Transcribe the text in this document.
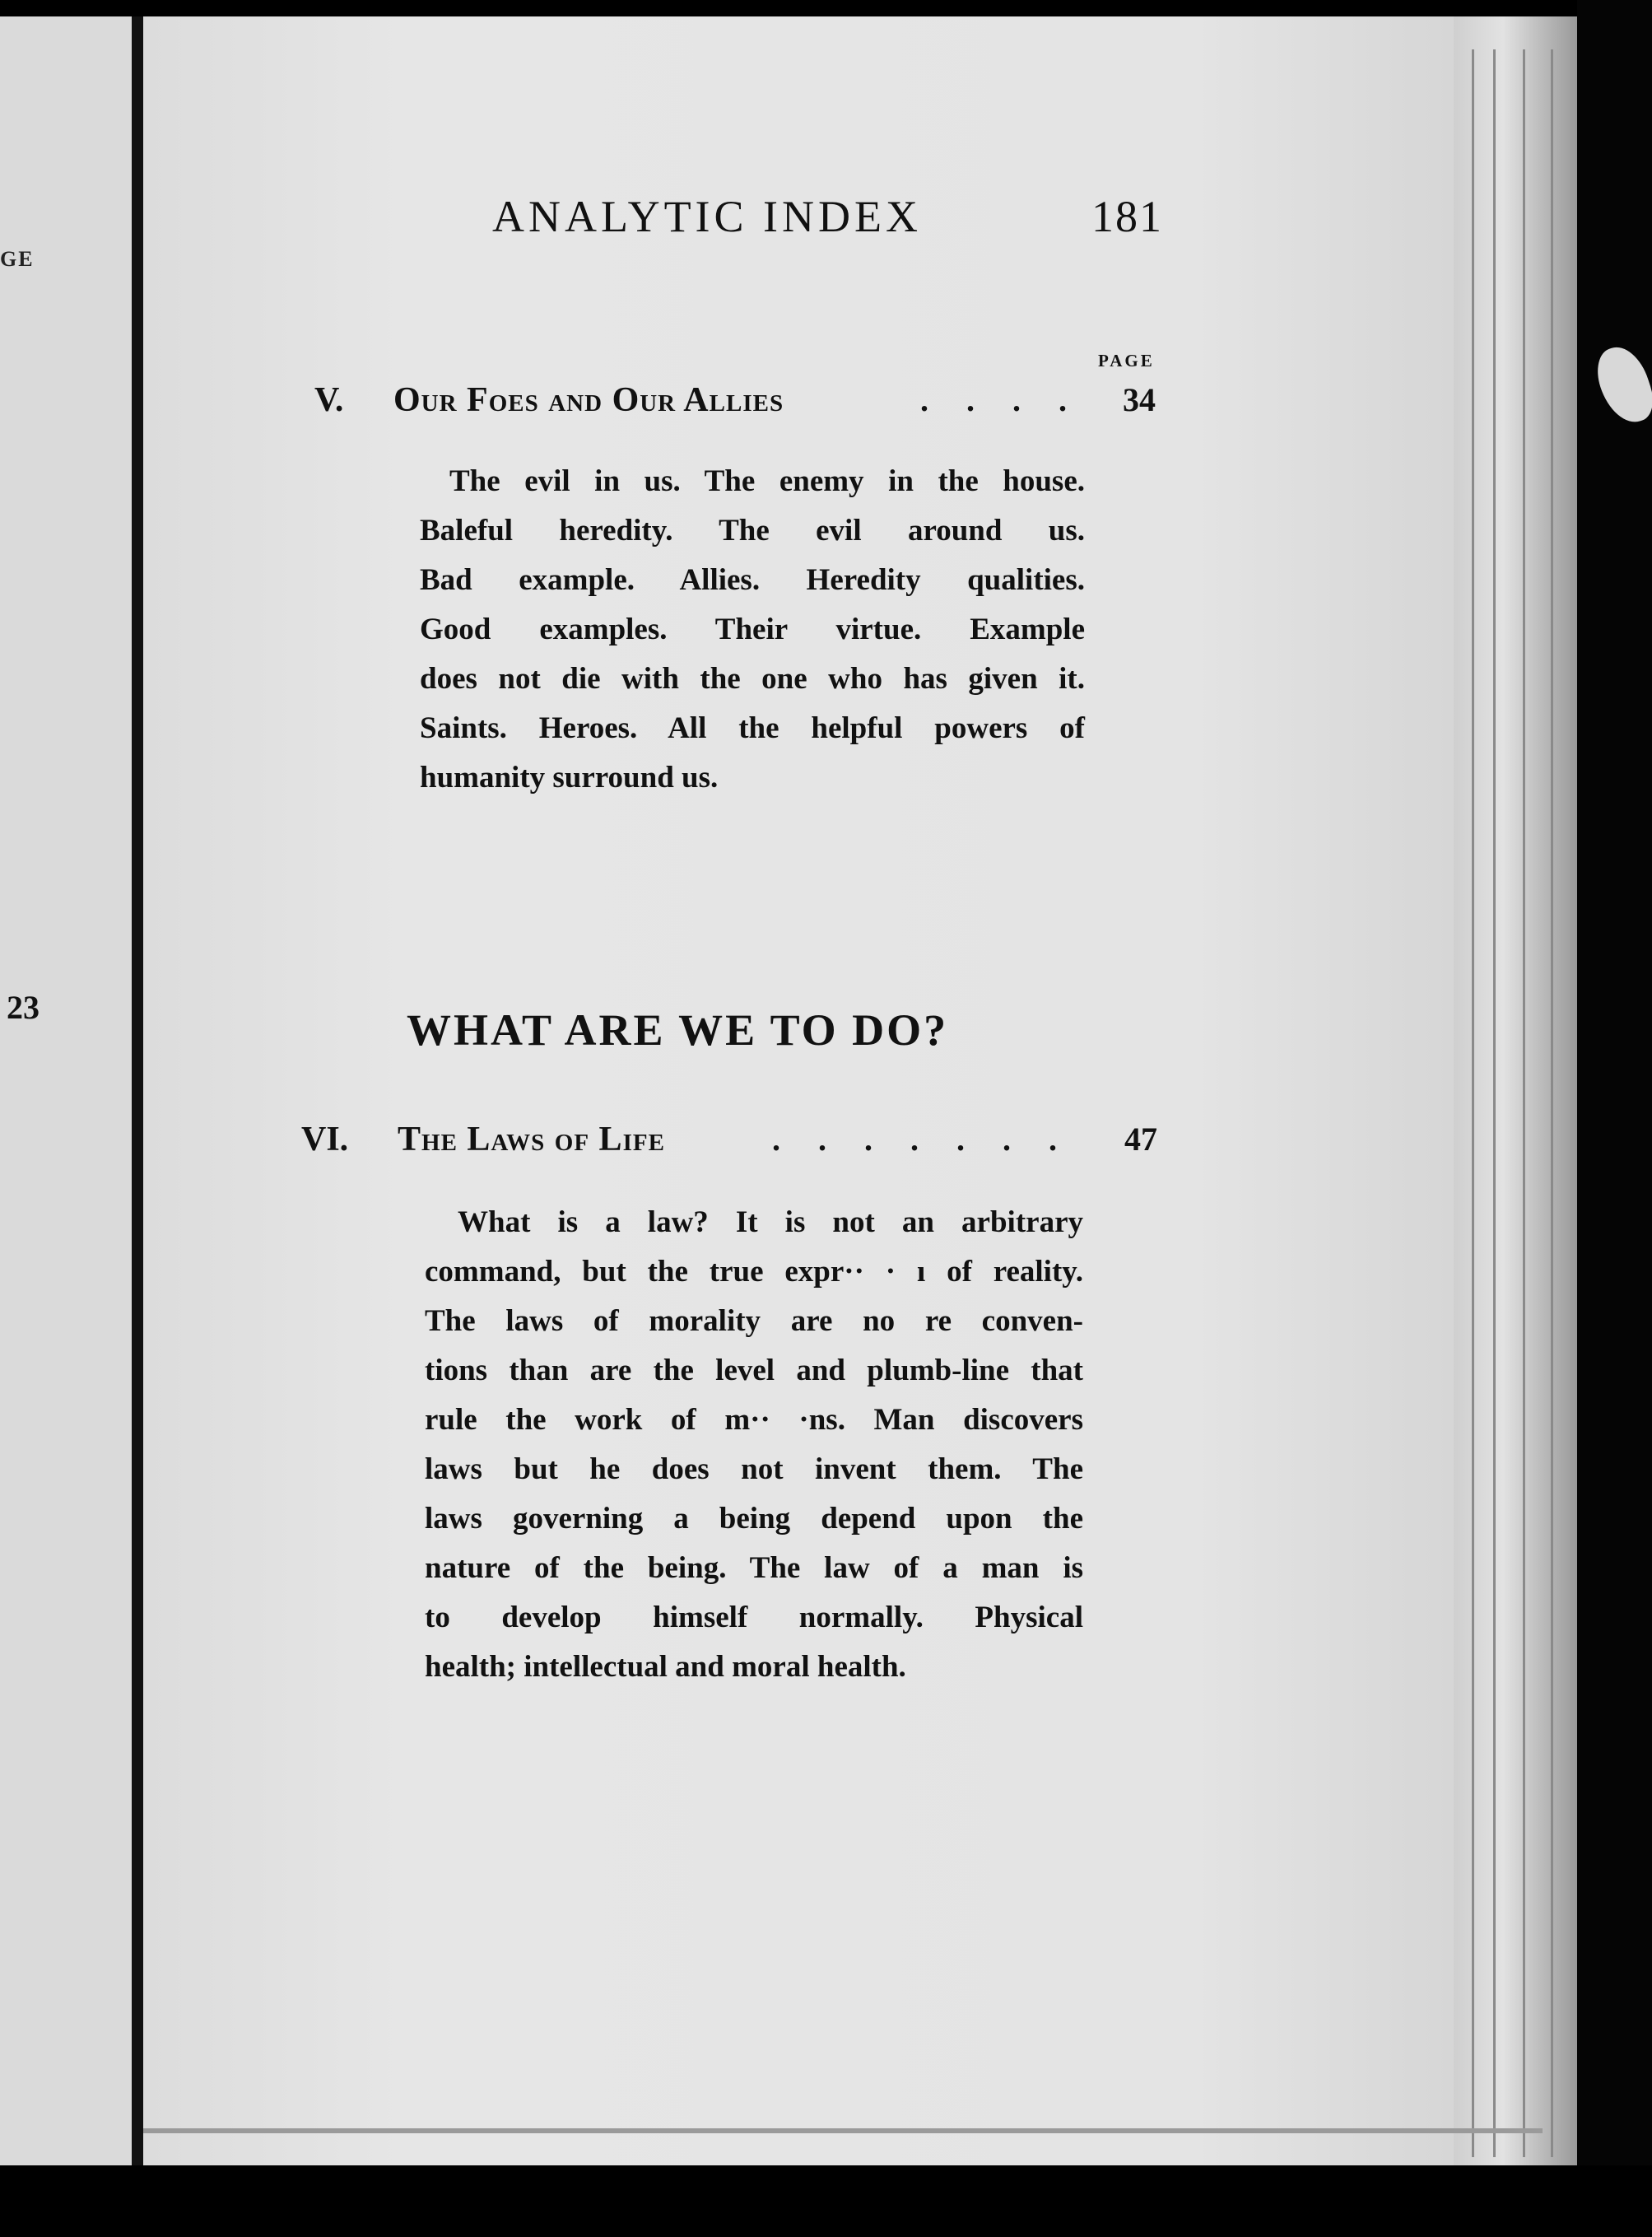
GE
23
ANALYTIC INDEX	181
PAGE
V. Our Foes and Our Allies	. . . . 34
The evil in us. The enemy in the house.
Baleful heredity. The evil around us.
Bad example. Allies. Heredity qualities.
Good examples. Their virtue. Example
does not die with the one who has given it.
Saints. Heroes. All the helpful powers of
humanity surround us.
WHAT ARE WE TO DO?
VI. The Laws of Life	. . . . . . . 47
What is a law? It is not an arbitrary
command, but the true expr·· · ı of reality.
The laws of morality are no re conven-
tions than are the level and plumb-line that
rule the work of m·· ·ns. Man discovers
laws but he does not invent them. The
laws governing a being depend upon the
nature of the being. The law of a man is
to develop himself normally. Physical
health; intellectual and moral health.
